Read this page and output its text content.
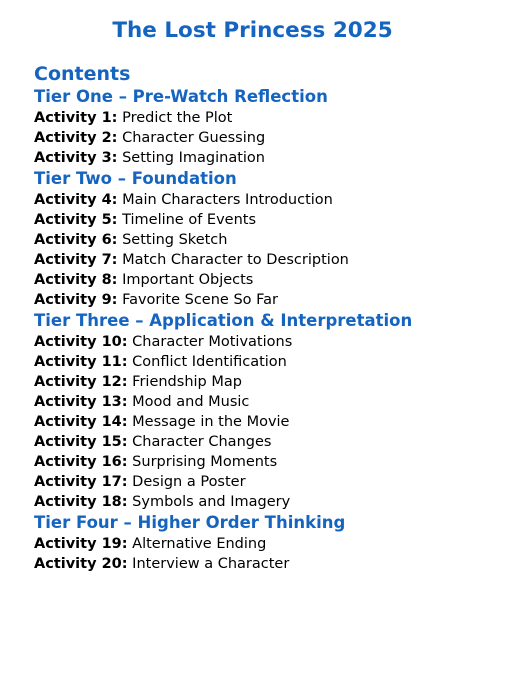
The Lost Princess 2025
Contents
Tier One – Pre-Watch Reflection
Activity 1: Predict the Plot
Activity 2: Character Guessing
Activity 3: Setting Imagination
Tier Two – Foundation
Activity 4: Main Characters Introduction
Activity 5: Timeline of Events
Activity 6: Setting Sketch
Activity 7: Match Character to Description
Activity 8: Important Objects
Activity 9: Favorite Scene So Far
Tier Three – Application & Interpretation
Activity 10: Character Motivations
Activity 11: Conflict Identification
Activity 12: Friendship Map
Activity 13: Mood and Music
Activity 14: Message in the Movie
Activity 15: Character Changes
Activity 16: Surprising Moments
Activity 17: Design a Poster
Activity 18: Symbols and Imagery
Tier Four – Higher Order Thinking
Activity 19: Alternative Ending
Activity 20: Interview a Character
